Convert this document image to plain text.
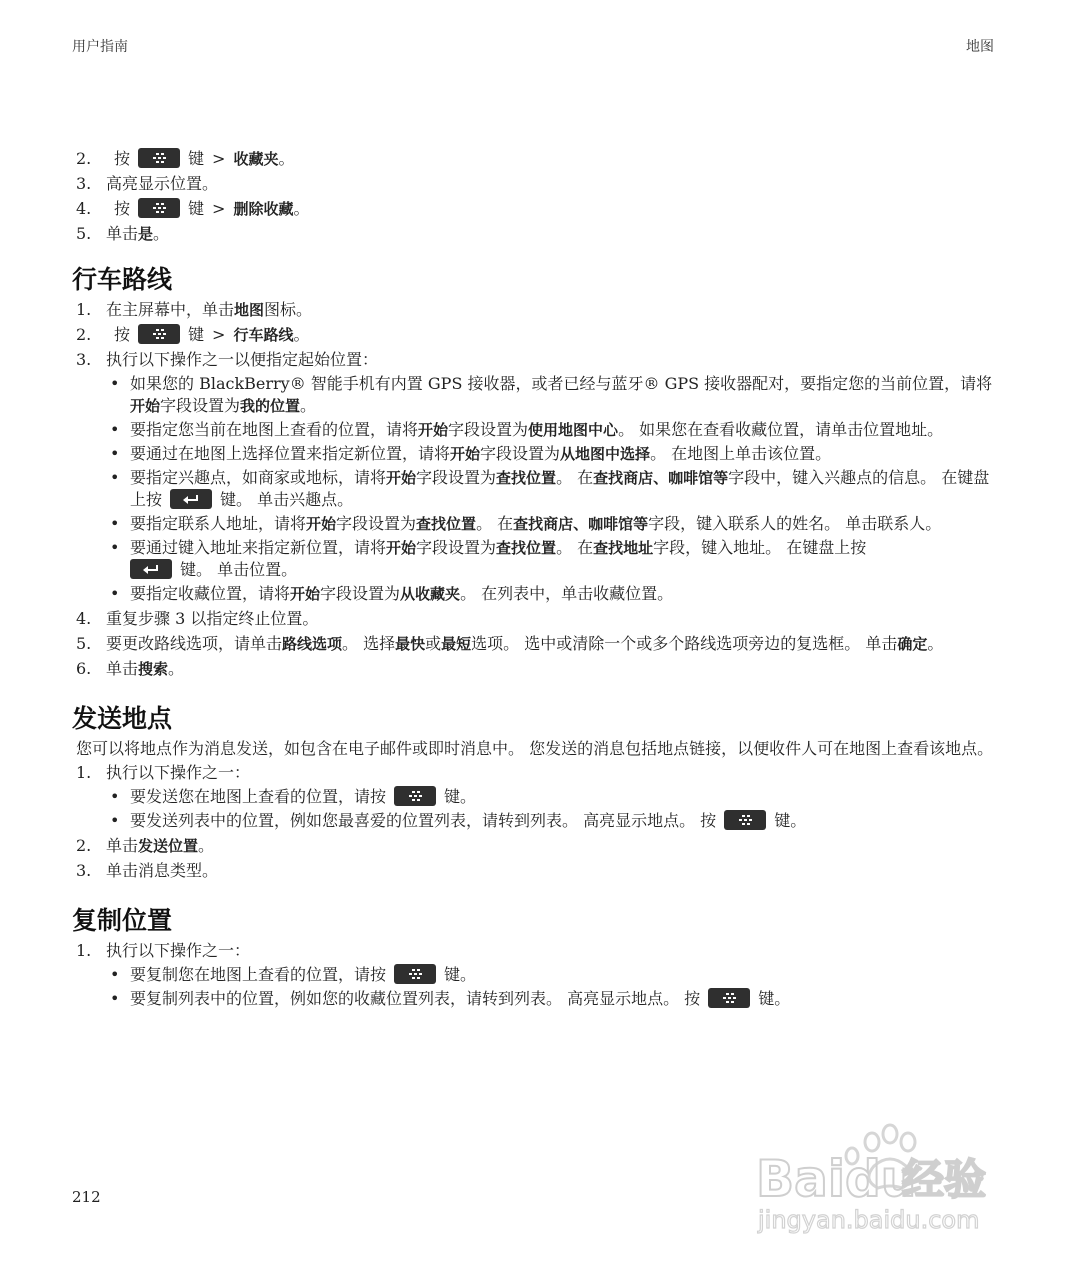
用户指南	地图
2. 按	键 > 收藏夹。
3. 高亮显示位置。
4. 按	键 > 删除收藏。
5. 单击是。
行车路线
1. 在主屏幕中，单击地图图标。
2. 按	键 > 行车路线。
3. 执行以下操作之一以便指定起始位置：
• 如果您的 BlackBerry® 智能手机有内置 GPS 接收器，或者已经与蓝牙® GPS 接收器配对，要指定您的当前位置，请将开始字段设置为我的位置。
• 要指定您当前在地图上查看的位置，请将开始字段设置为使用地图中心。 如果您在查看收藏位置，请单击位置地址。
• 要通过在地图上选择位置来指定新位置，请将开始字段设置为从地图中选择。 在地图上单击该位置。
• 要指定兴趣点，如商家或地标，请将开始字段设置为查找位置。 在查找商店、咖啡馆等字段中，键入兴趣点的信息。 在键盘上按	键。 单击兴趣点。
• 要指定联系人地址，请将开始字段设置为查找位置。 在查找商店、咖啡馆等字段，键入联系人的姓名。 单击联系人。
• 要通过键入地址来指定新位置，请将开始字段设置为查找位置。 在查找地址字段，键入地址。 在键盘上按

键。 单击位置。
• 要指定收藏位置，请将开始字段设置为从收藏夹。 在列表中，单击收藏位置。
4. 重复步骤 3 以指定终止位置。
5. 要更改路线选项，请单击路线选项。 选择最快或最短选项。 选中或清除一个或多个路线选项旁边的复选框。 单击确定。
6. 单击搜索。
发送地点
您可以将地点作为消息发送，如包含在电子邮件或即时消息中。 您发送的消息包括地点链接，以便收件人可在地图上查看该地点。
1. 执行以下操作之一：
• 要发送您在地图上查看的位置，请按	键。
• 要发送列表中的位置，例如您最喜爱的位置列表，请转到列表。 高亮显示地点。 按	键。
2. 单击发送位置。
3. 单击消息类型。
复制位置
1. 执行以下操作之一：
• 要复制您在地图上查看的位置，请按	键。
• 要复制列表中的位置，例如您的收藏位置列表，请转到列表。 高亮显示地点。 按	键。
212	Baidu
经验
jingyan.baidu.com
